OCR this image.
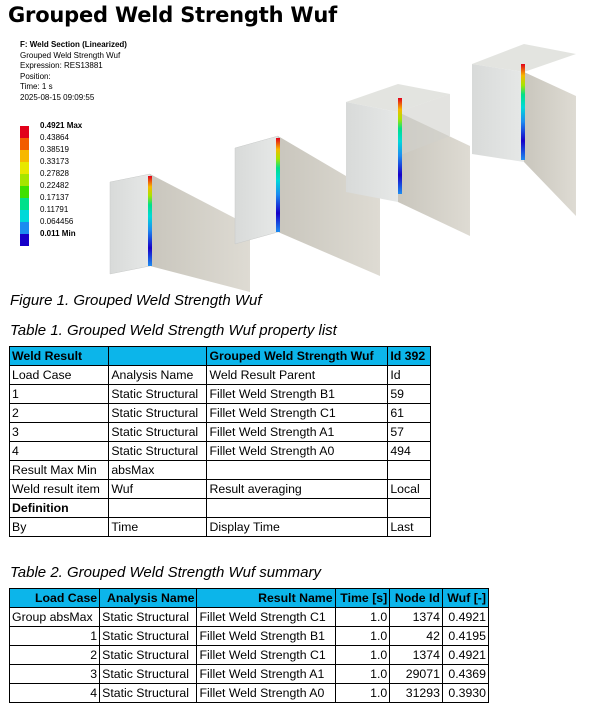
Grouped Weld Strength Wuf
F: Weld Section (Linearized)
Grouped Weld Strength Wuf
Expression: RES13881
Position:
Time: 1 s
2025-08-15 09:09:55
0.4921 Max
0.43864
0.38519
0.33173
0.27828
0.22482
0.17137
0.11791
0.064456
0.011 Min
Figure 1. Grouped Weld Strength Wuf
Table 1. Grouped Weld Strength Wuf property list
Weld Result		Grouped Weld Strength Wuf	Id 392
Load Case	Analysis Name	Weld Result Parent	Id
1	Static Structural	Fillet Weld Strength B1	59
2	Static Structural	Fillet Weld Strength C1	61
3	Static Structural	Fillet Weld Strength A1	57
4	Static Structural	Fillet Weld Strength A0	494
Result Max Min	absMax		
Weld result item	Wuf	Result averaging	Local
Definition			
By	Time	Display Time	Last
Table 2. Grouped Weld Strength Wuf summary
Load Case	Analysis Name	Result Name	Time [s]	Node Id	Wuf [-]
Group absMax	Static Structural	Fillet Weld Strength C1	1.0	1374	0.4921
1	Static Structural	Fillet Weld Strength B1	1.0	42	0.4195
2	Static Structural	Fillet Weld Strength C1	1.0	1374	0.4921
3	Static Structural	Fillet Weld Strength A1	1.0	29071	0.4369
4	Static Structural	Fillet Weld Strength A0	1.0	31293	0.3930
